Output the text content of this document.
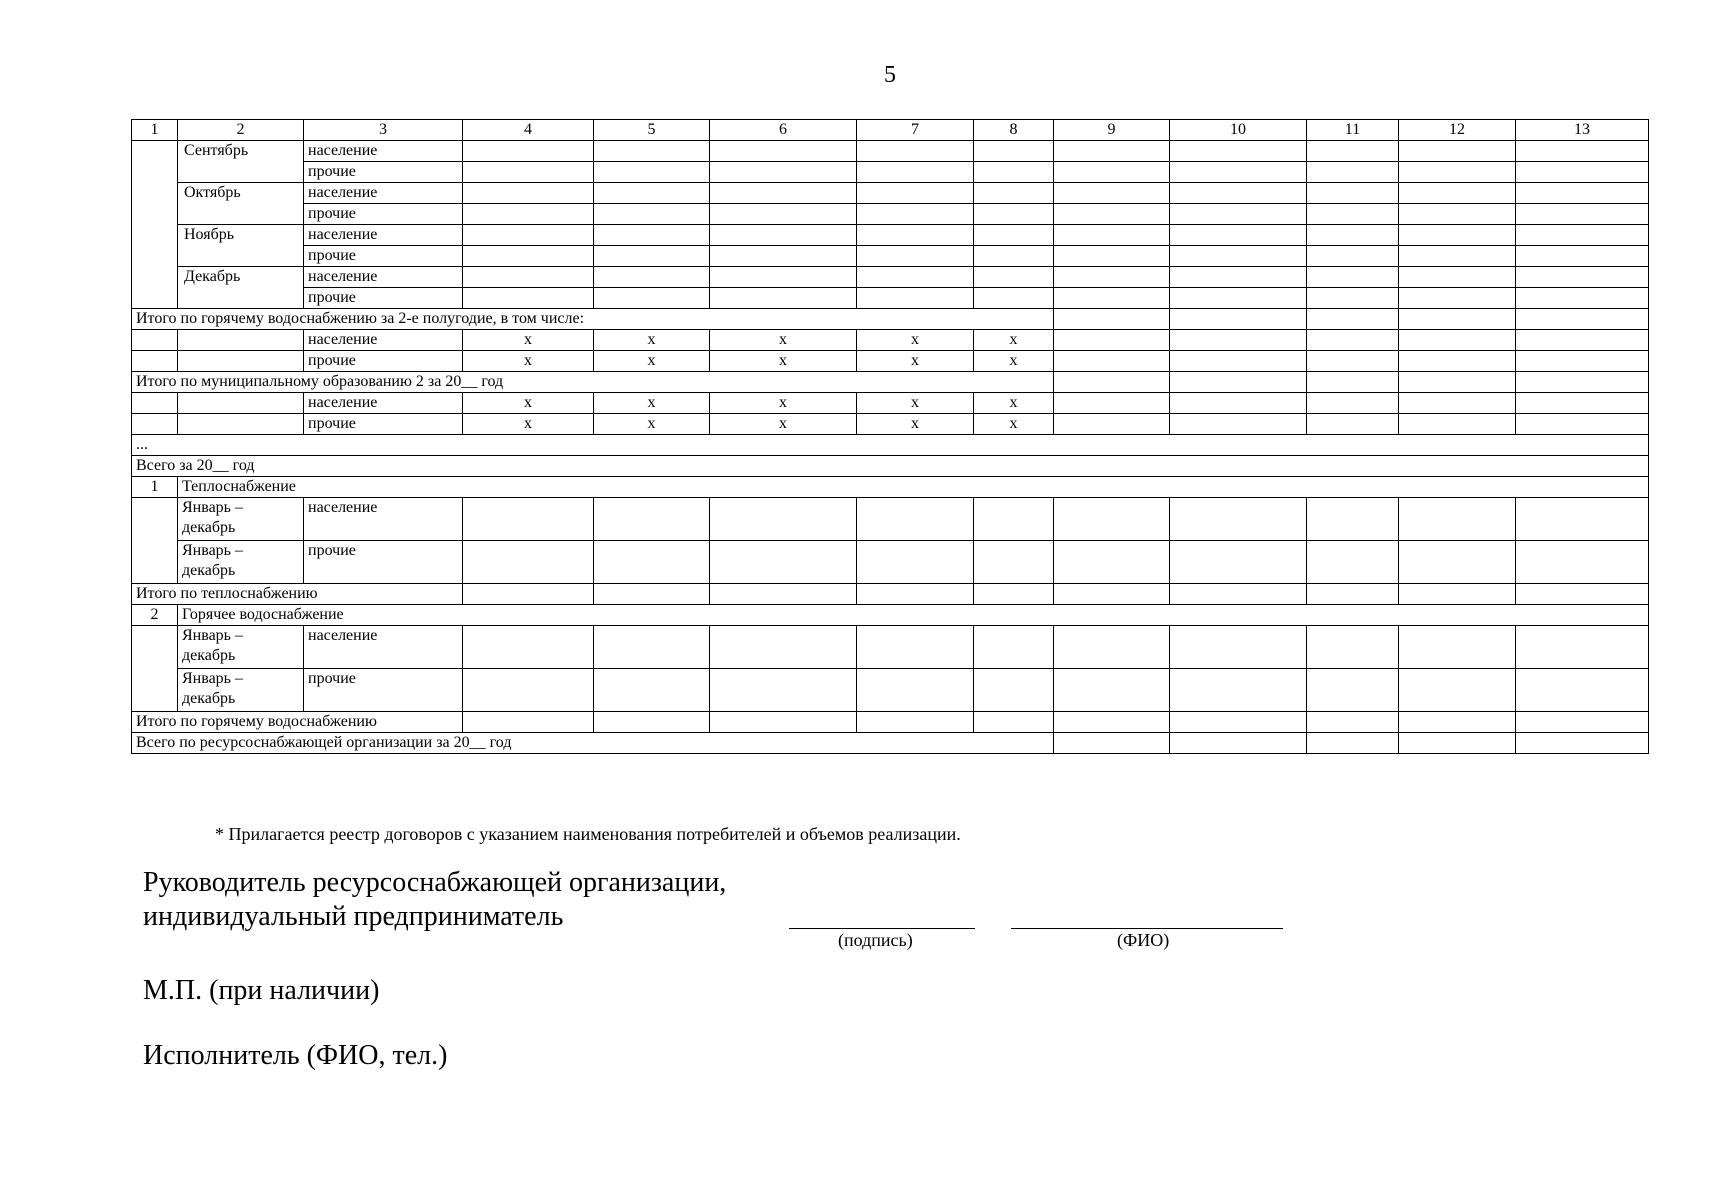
5
1	2	3	4	5	6	7	8	9	10	11	12	13
	Сентябрь	население										
		прочие										
	Октябрь	население										
		прочие										
	Ноябрь	население										
		прочие										
	Декабрь	население										
		прочие										
Итого по горячему водоснабжению за 2-е полугодие, в том числе:												
		население	x	x	x	x	x					
		прочие	x	x	x	x	x					
Итого по муниципальному образованию 2 за 20__ год												
		население	x	x	x	x	x					
		прочие	x	x	x	x	x					
...												
Всего за 20__ год												
1	Теплоснабжение											
	Январь – декабрь	население										
	Январь – декабрь	прочие										
Итого по теплоснабжению												
2	Горячее водоснабжение											
	Январь – декабрь	население										
	Январь – декабрь	прочие										
Итого по горячему водоснабжению												
Всего по ресурсоснабжающей организации за 20__ год												
* Прилагается реестр договоров с указанием наименования потребителей и объемов реализации.
Руководитель ресурсоснабжающей организации,
индивидуальный предприниматель
(подпись)	(ФИО)
М.П. (при наличии)
Исполнитель (ФИО, тел.)
